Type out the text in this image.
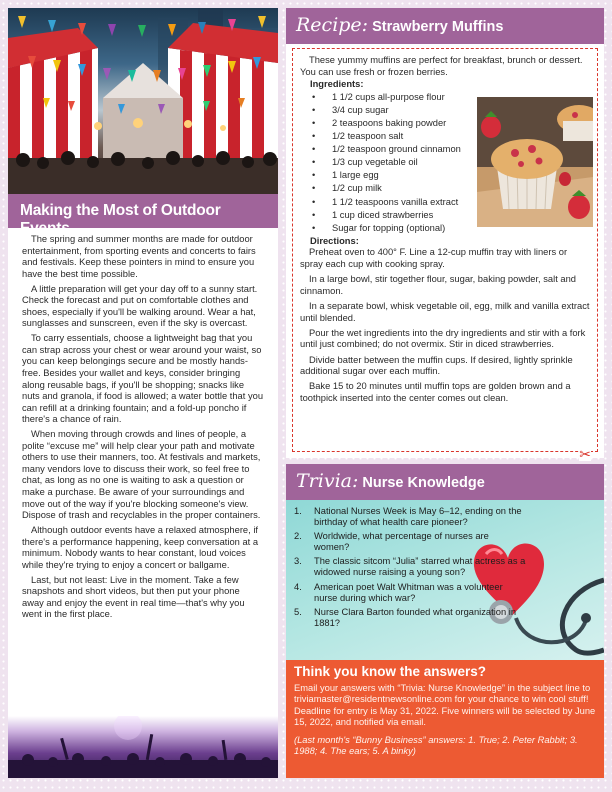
Making the Most of Outdoor Events

The spring and summer months are made for outdoor entertainment, from sporting events and concerts to fairs and festivals. Keep these pointers in mind to ensure you have the best time possible.

A little preparation will get your day off to a sunny start. Check the forecast and put on comfortable clothes and shoes, especially if you'll be walking around. Wear a hat, sunglasses and sunscreen, even if the sky is overcast.

To carry essentials, choose a lightweight bag that you can strap across your chest or wear around your waist, so you can keep belongings secure and be mostly hands-free. Besides your wallet and keys, consider bringing along reusable bags, if you'll be shopping; snacks like nuts and granola, if food is allowed; a water bottle that you can refill at a drinking fountain; and a fold-up poncho if there's a chance of rain.

When moving through crowds and lines of people, a polite “excuse me” will help clear your path and motivate others to use their manners, too. At festivals and markets, many vendors love to discuss their work, so feel free to chat, as long as no one is waiting to ask a question or make a purchase. Be aware of your surroundings and move out of the way if you're blocking someone's view. Dispose of trash and recyclables in the proper containers.

Although outdoor events have a relaxed atmosphere, if there's a performance happening, keep conversation at a minimum. Nobody wants to hear constant, loud voices while they're trying to enjoy a concert or ballgame.

Last, but not least: Live in the moment. Take a few snapshots and short videos, but then put your phone away and enjoy the event in real time—that's why you went in the first place.

Recipe: Strawberry Muffins

These yummy muffins are perfect for breakfast, brunch or dessert. You can use fresh or frozen berries.

Ingredients:
• 1 1/2 cups all-purpose flour
• 3/4 cup sugar
• 2 teaspoons baking powder
• 1/2 teaspoon salt
• 1/2 teaspoon ground cinnamon
• 1/3 cup vegetable oil
• 1 large egg
• 1/2 cup milk
• 1 1/2 teaspoons vanilla extract
• 1 cup diced strawberries
• Sugar for topping (optional)
Directions:

Preheat oven to 400° F. Line a 12-cup muffin tray with liners or spray each cup with cooking spray.

In a large bowl, stir together flour, sugar, baking powder, salt and cinnamon.

In a separate bowl, whisk vegetable oil, egg, milk and vanilla extract until blended.

Pour the wet ingredients into the dry ingredients and stir with a fork until just combined; do not overmix. Stir in diced strawberries.

Divide batter between the muffin cups. If desired, lightly sprinkle additional sugar over each muffin.

Bake 15 to 20 minutes until muffin tops are golden brown and a toothpick inserted into the center comes out clean.

✂
Trivia: Nurse Knowledge
1. National Nurses Week is May 6–12, ending on the birthday of what health care pioneer?
2. Worldwide, what percentage of nurses are women?
3. The classic sitcom “Julia” starred what actress as a widowed nurse raising a young son?
4. American poet Walt Whitman was a volunteer nurse during which war?
5. Nurse Clara Barton founded what organization in 1881?
Think you know the answers?

Email your answers with “Trivia: Nurse Knowledge” in the subject line to triviamaster@residentnewsonline.com for your chance to win cool stuff! Deadline for entry is May 31, 2022. Five winners will be selected by June 15, 2022, and notified via email.

(Last month's “Bunny Business” answers: 1. True; 2. Peter Rabbit; 3. 1988; 4. The ears; 5. A binky)
